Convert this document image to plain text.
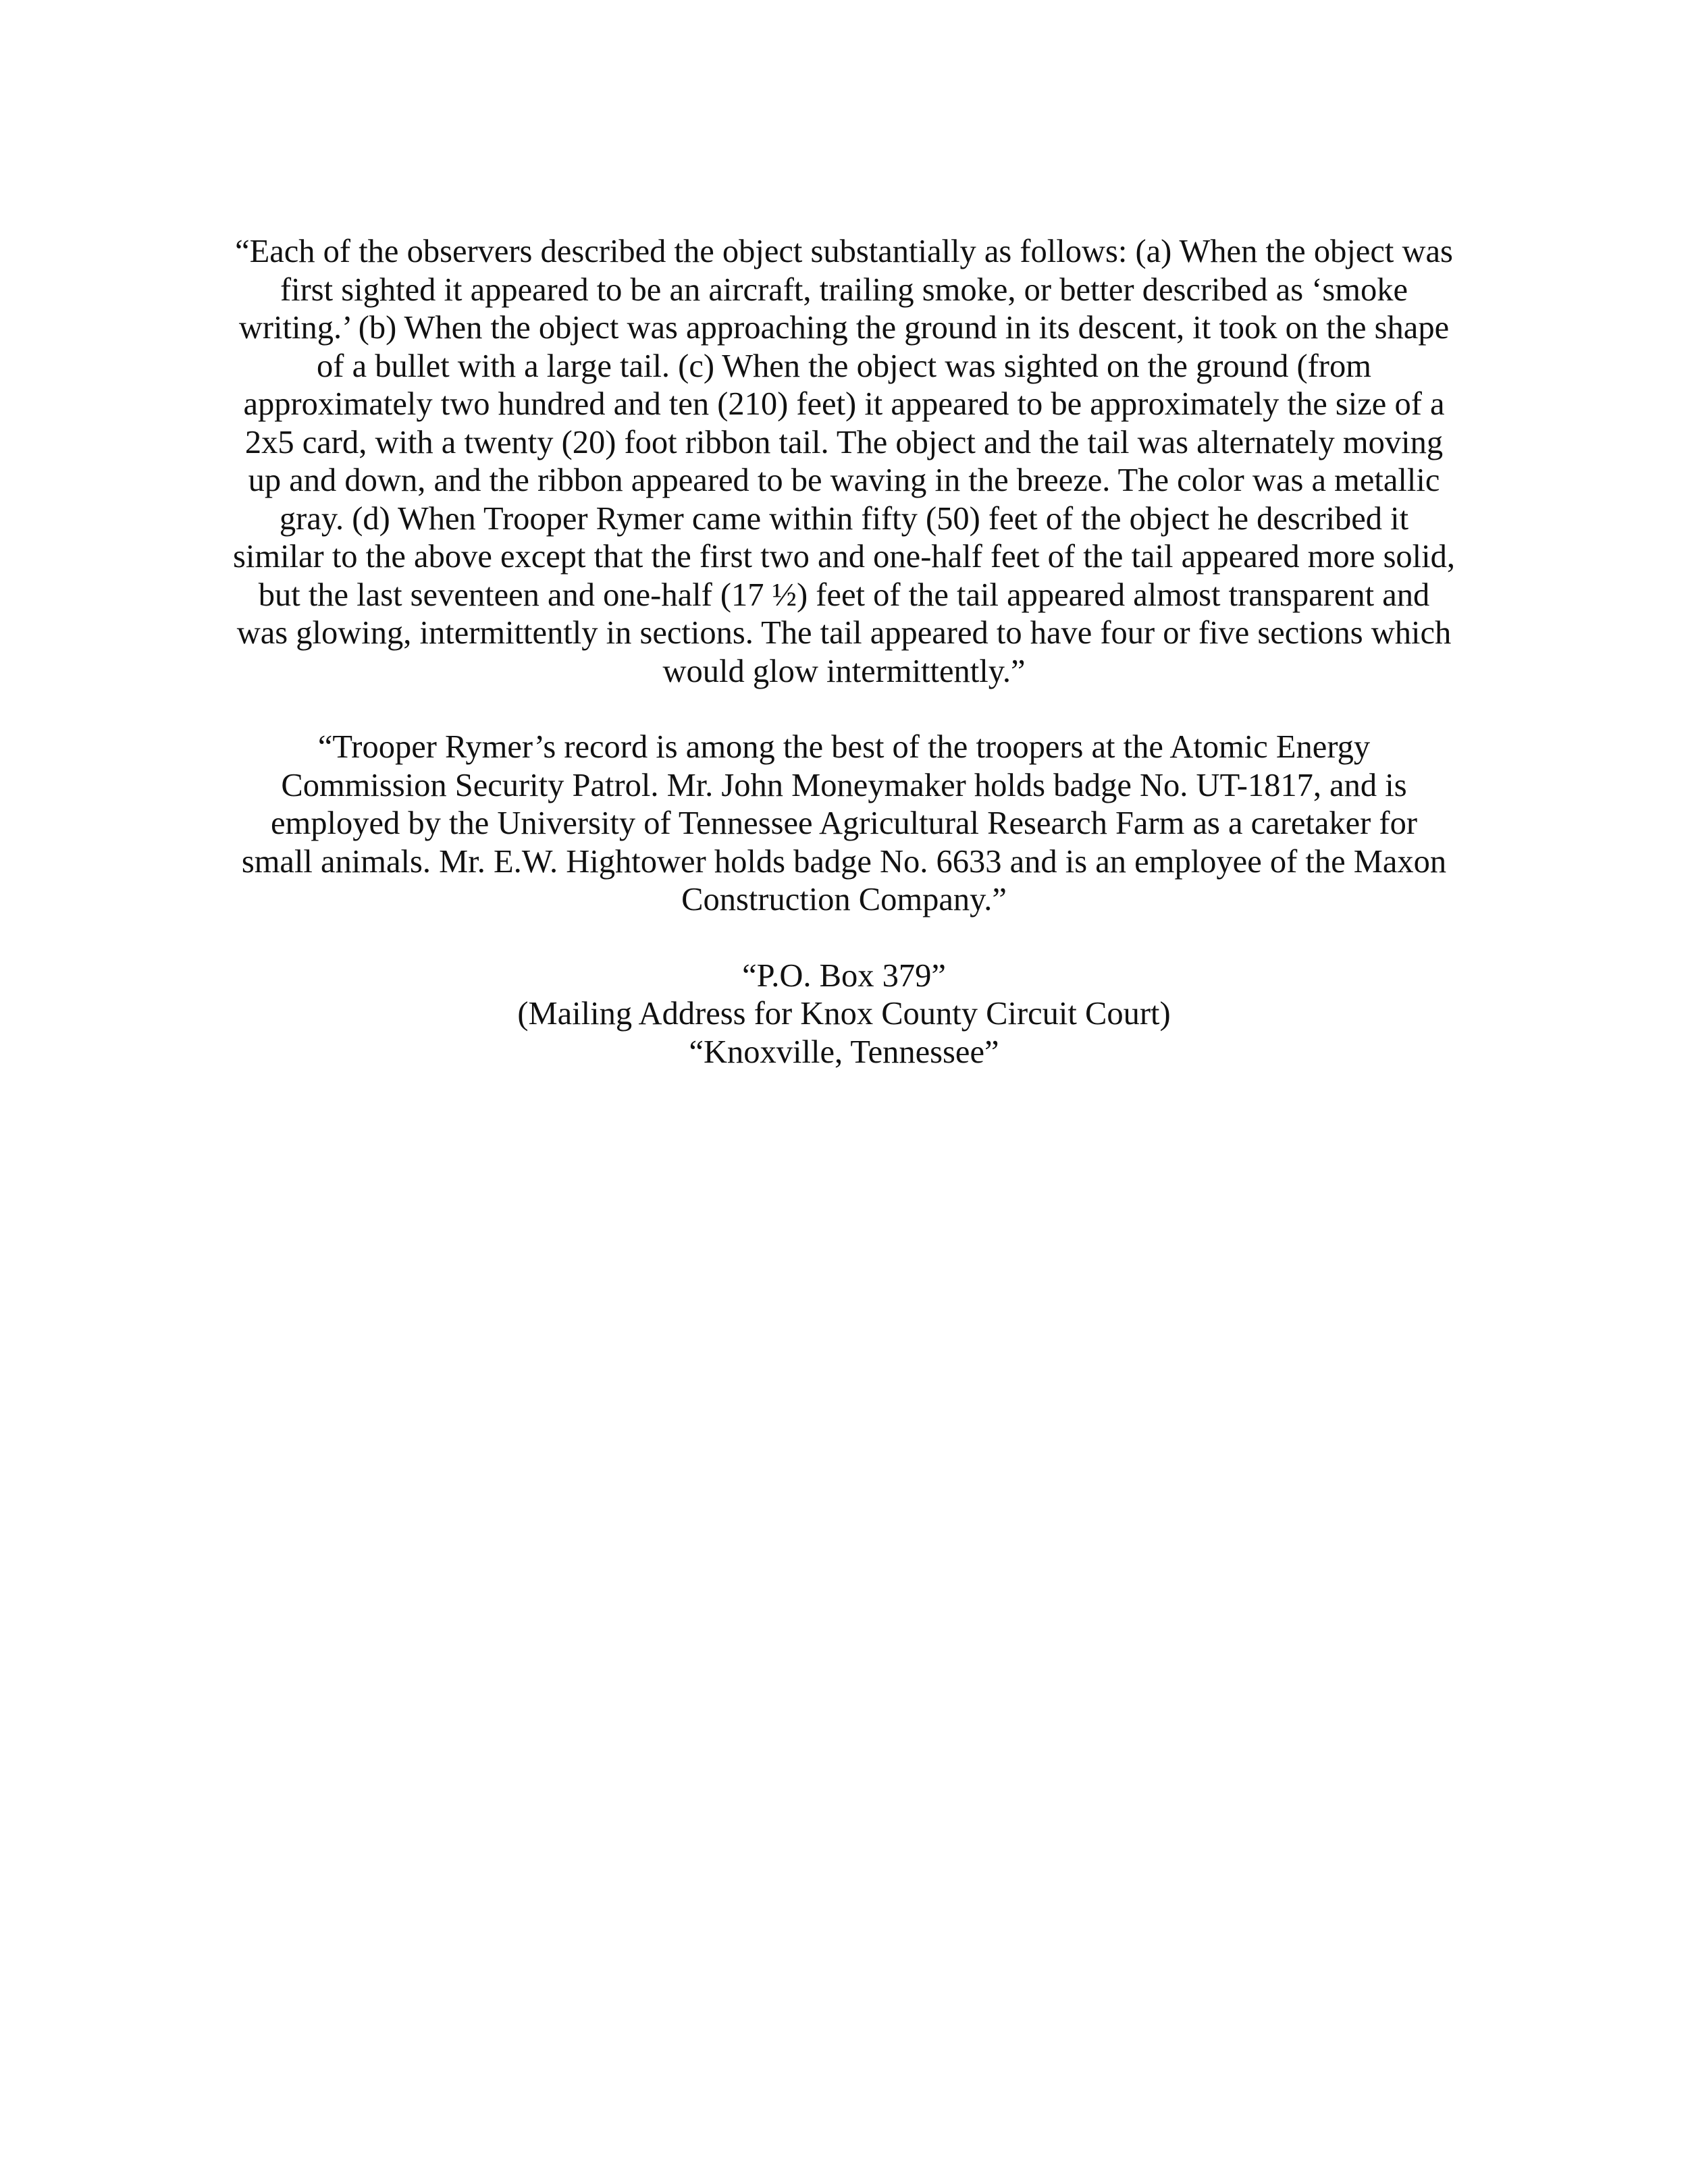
“Each of the observers described the object substantially as follows: (a) When the object was first sighted it appeared to be an aircraft, trailing smoke, or better described as ‘smoke writing.’ (b) When the object was approaching the ground in its descent, it took on the shape of a bullet with a large tail. (c) When the object was sighted on the ground (from approximately two hundred and ten (210) feet) it appeared to be approximately the size of a 2x5 card, with a twenty (20) foot ribbon tail. The object and the tail was alternately moving up and down, and the ribbon appeared to be waving in the breeze. The color was a metallic gray. (d) When Trooper Rymer came within fifty (50) feet of the object he described it similar to the above except that the first two and one-half feet of the tail appeared more solid, but the last seventeen and one-half (17 ½) feet of the tail appeared almost transparent and was glowing, intermittently in sections. The tail appeared to have four or five sections which would glow intermittently.”

“Trooper Rymer’s record is among the best of the troopers at the Atomic Energy Commission Security Patrol. Mr. John Moneymaker holds badge No. UT-1817, and is employed by the University of Tennessee Agricultural Research Farm as a caretaker for small animals. Mr. E.W. Hightower holds badge No. 6633 and is an employee of the Maxon Construction Company.”

“P.O. Box 379”
(Mailing Address for Knox County Circuit Court)
“Knoxville, Tennessee”
